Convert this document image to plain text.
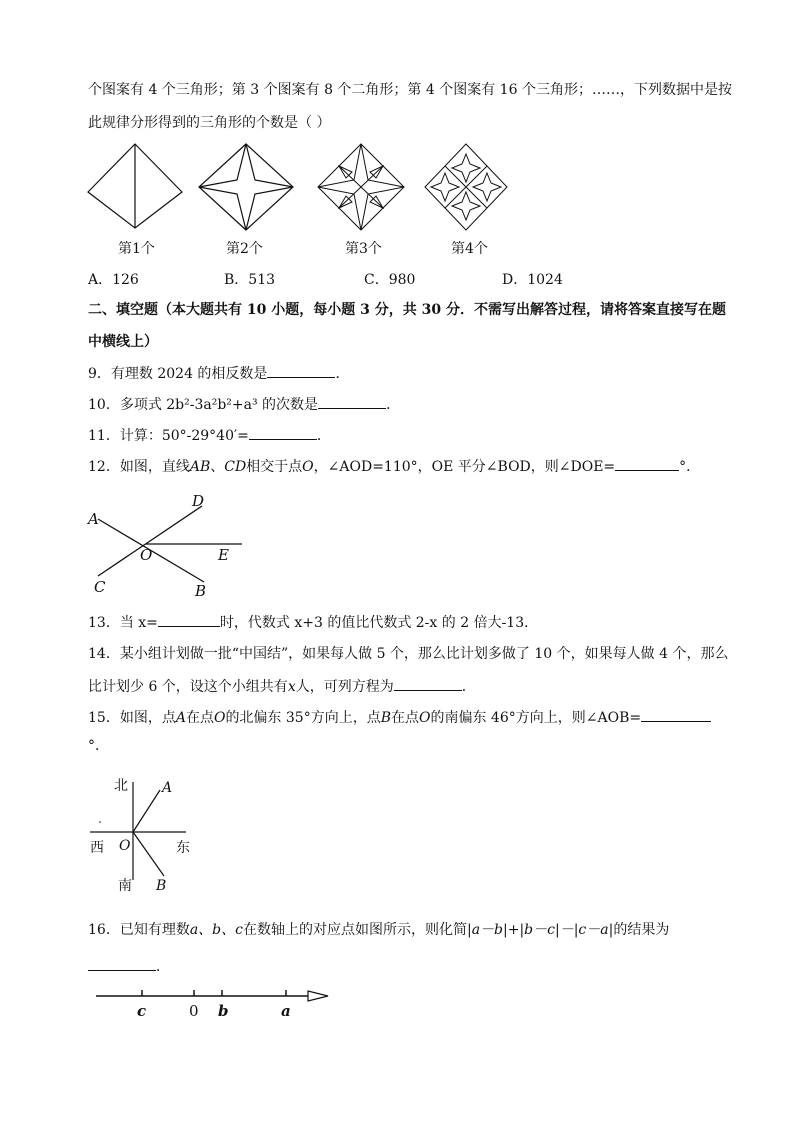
个图案有 4 个三角形；第 3 个图案有 8 个二角形；第 4 个图案有 16 个三角形；……，下列数据中是按
此规律分形得到的三角形的个数是（ ）
第1个	第2个	第3个	第4个
A．126	B．513	C．980	D．1024
二、填空题（本大题共有 10 小题，每小题 3 分，共 30 分．不需写出解答过程，请将答案直接写在题
中横线上）
9．有理数 2024 的相反数是	．
10．多项式 2b²-3a²b²+a³ 的次数是	．
11．计算：50°-29°40′=	．
12．如图，直线AB、CD相交于点O，∠AOD=110°，OE 平分∠BOD，则∠DOE=	°．
A
B
C
D
E
O
13．当 x=	时，代数式 x+3 的值比代数式 2-x 的 2 倍大-13．
14．某小组计划做一批“中国结”，如果每人做 5 个，那么比计划多做了 10 个，如果每人做 4 个，那么
比计划少 6 个，设这个小组共有x人，可列方程为	．
15．如图，点A在点O的北偏东 35°方向上，点B在点O的南偏东 46°方向上，则∠AOB=
°．
北
南
西	东
A
B
O
16．已知有理数a、b、c在数轴上的对应点如图所示，则化简|a－b|+|b－c|－|c－a|的结果为
．
c	0 b	a
